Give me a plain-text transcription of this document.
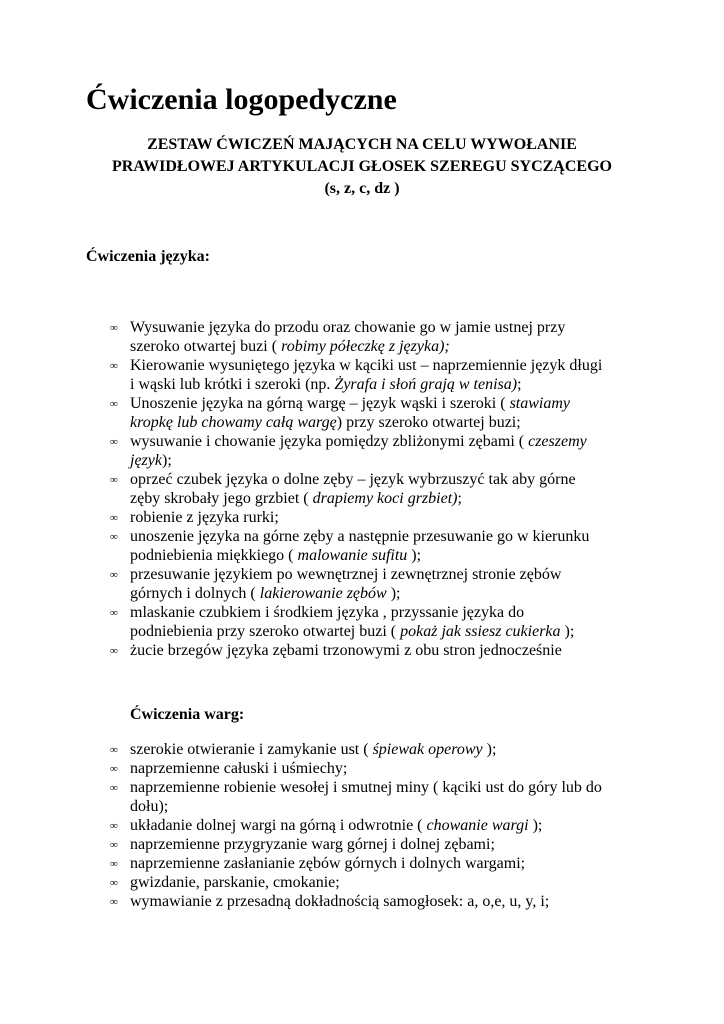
Ćwiczenia logopedyczne
ZESTAW ĆWICZEŃ MAJĄCYCH NA CELU WYWOŁANIE
PRAWIDŁOWEJ ARTYKULACJI GŁOSEK SZEREGU SYCZĄCEGO
(s, z, c, dz )
Ćwiczenia języka:
∞ Wysuwanie języka do przodu oraz chowanie go w jamie ustnej przy
szeroko otwartej buzi ( robimy półeczkę z języka);
∞ Kierowanie wysuniętego języka w kąciki ust – naprzemiennie język długi
i wąski lub krótki i szeroki (np. Żyrafa i słoń grają w tenisa);
∞ Unoszenie języka na górną wargę – język wąski i szeroki ( stawiamy
kropkę lub chowamy całą wargę) przy szeroko otwartej buzi;
∞ wysuwanie i chowanie języka pomiędzy zbliżonymi zębami ( czeszemy
język);
∞ oprzeć czubek języka o dolne zęby – język wybrzuszyć tak aby górne
zęby skrobały jego grzbiet ( drapiemy koci grzbiet);
∞ robienie z języka rurki;
∞ unoszenie języka na górne zęby a następnie przesuwanie go w kierunku
podniebienia miękkiego ( malowanie sufitu );
∞ przesuwanie językiem po wewnętrznej i zewnętrznej stronie zębów
górnych i dolnych ( lakierowanie zębów );
∞ mlaskanie czubkiem i środkiem języka , przyssanie języka do
podniebienia przy szeroko otwartej buzi ( pokaż jak ssiesz cukierka );
∞ żucie brzegów języka zębami trzonowymi z obu stron jednocześnie
Ćwiczenia warg:
∞ szerokie otwieranie i zamykanie ust ( śpiewak operowy );
∞ naprzemienne całuski i uśmiechy;
∞ naprzemienne robienie wesołej i smutnej miny ( kąciki ust do góry lub do
dołu);
∞ układanie dolnej wargi na górną i odwrotnie ( chowanie wargi );
∞ naprzemienne przygryzanie warg górnej i dolnej zębami;
∞ naprzemienne zasłanianie zębów górnych i dolnych wargami;
∞ gwizdanie, parskanie, cmokanie;
∞ wymawianie z przesadną dokładnością samogłosek: a, o,e, u, y, i;
